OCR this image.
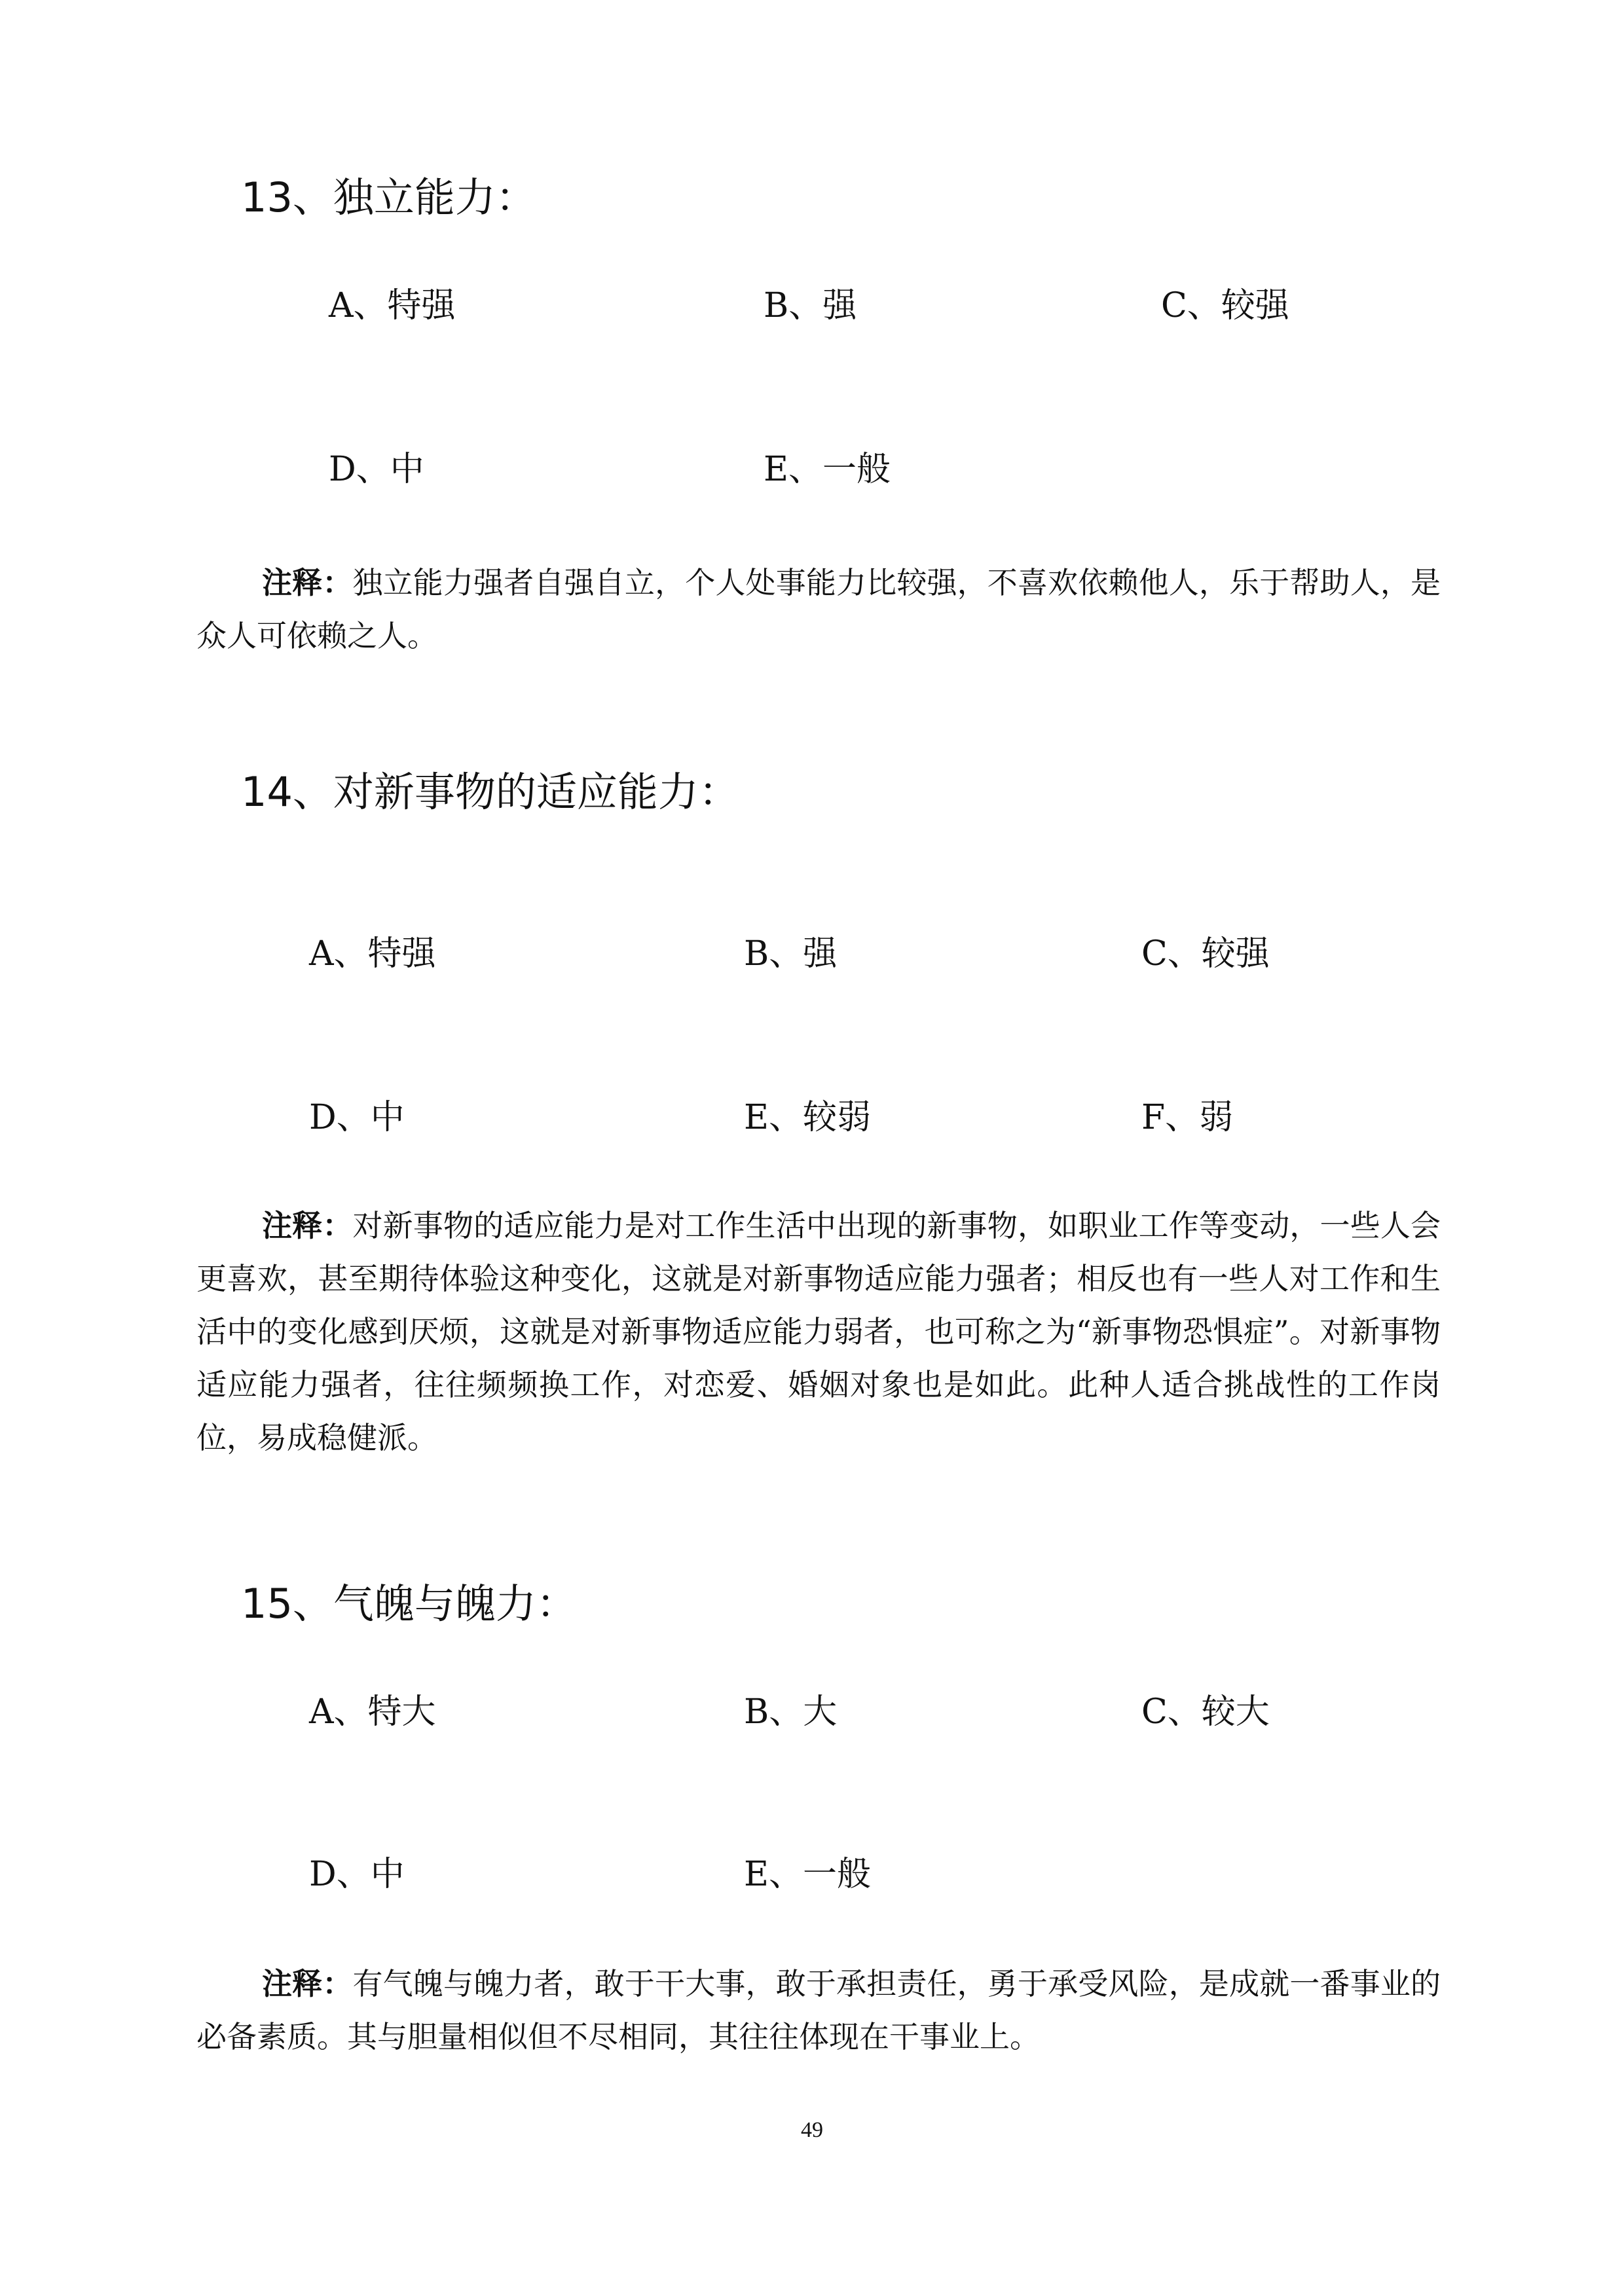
13、独立能力：
A、特强	B、强	C、较强
D、中	E、一般
注释：独立能力强者自强自立，个人处事能力比较强，不喜欢依赖他人，乐于帮助人，是众人可依赖之人。
14、对新事物的适应能力：
A、特强	B、强	C、较强
D、中	E、较弱	F、弱
注释：对新事物的适应能力是对工作生活中出现的新事物，如职业工作等变动，一些人会更喜欢，甚至期待体验这种变化，这就是对新事物适应能力强者；相反也有一些人对工作和生活中的变化感到厌烦，这就是对新事物适应能力弱者，也可称之为“新事物恐惧症”。对新事物适应能力强者，往往频频换工作，对恋爱、婚姻对象也是如此。此种人适合挑战性的工作岗位，易成稳健派。
15、气魄与魄力：
A、特大	B、大	C、较大
D、中	E、一般
注释：有气魄与魄力者，敢于干大事，敢于承担责任，勇于承受风险，是成就一番事业的必备素质。其与胆量相似但不尽相同，其往往体现在干事业上。
49
